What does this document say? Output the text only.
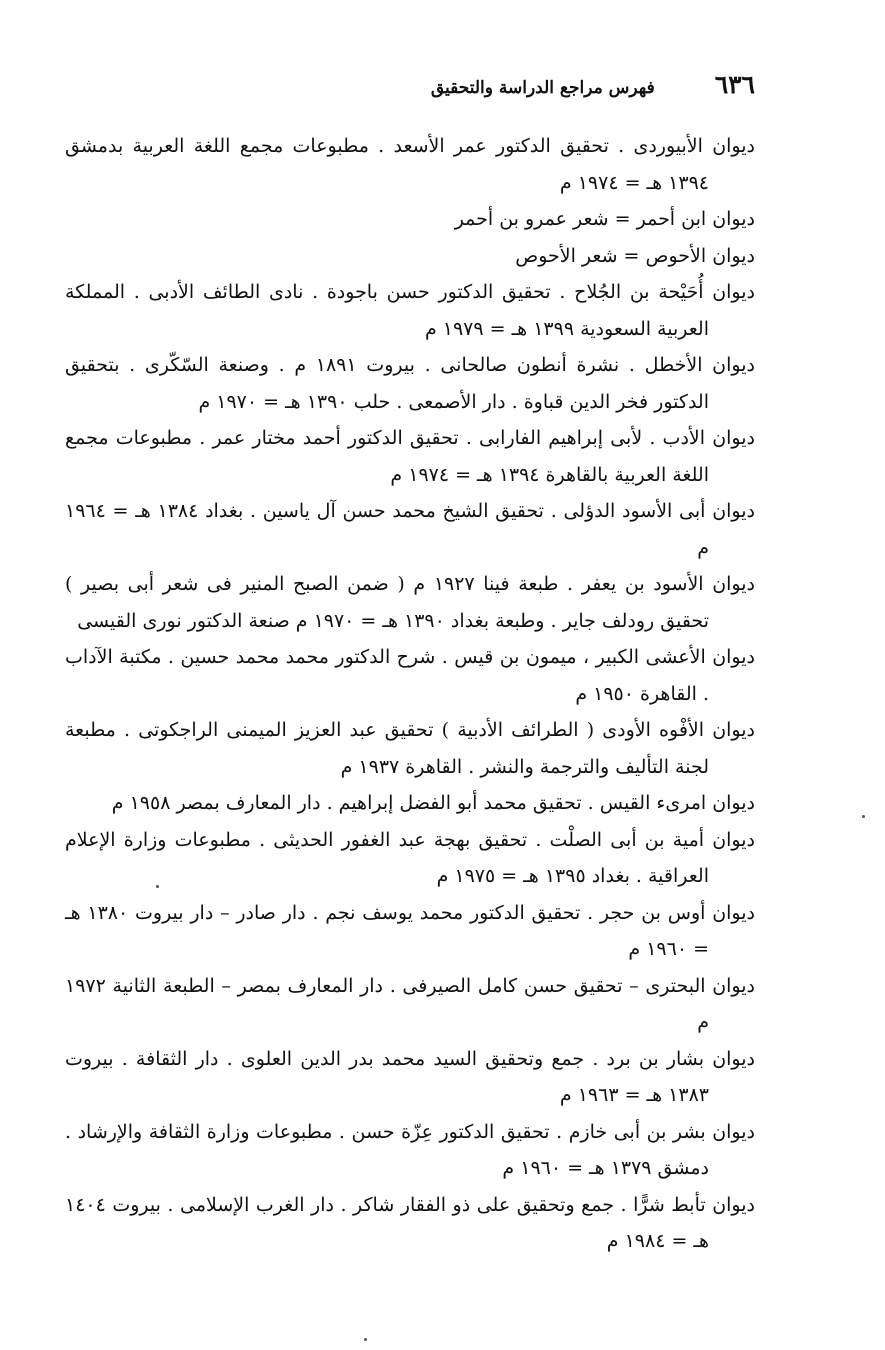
٦٣٦
فهرس مراجع الدراسة والتحقيق

ديوان الأبيوردى . تحقيق الدكتور عمر الأسعد . مطبوعات مجمع اللغة العربية بدمشق ١٣٩٤ هـ = ١٩٧٤ م

ديوان ابن أحمر = شعر عمرو بن أحمر

ديوان الأحوص = شعر الأحوص

ديوان أُحَيْحة بن الجُلاح . تحقيق الدكتور حسن باجودة . نادى الطائف الأدبى . المملكة العربية السعودية ١٣٩٩ هـ = ١٩٧٩ م

ديوان الأخطل . نشرة أنطون صالحانى . بيروت ١٨٩١ م . وصنعة السّكّرى . بتحقيق الدكتور فخر الدين قباوة . دار الأصمعى . حلب ١٣٩٠ هـ = ١٩٧٠ م

ديوان الأدب . لأبى إبراهيم الفارابى . تحقيق الدكتور أحمد مختار عمر . مطبوعات مجمع اللغة العربية بالقاهرة ١٣٩٤ هـ = ١٩٧٤ م

ديوان أبى الأسود الدؤلى . تحقيق الشيخ محمد حسن آل ياسين . بغداد ١٣٨٤ هـ = ١٩٦٤ م

ديوان الأسود بن يعفر . طبعة فينا ١٩٢٧ م ( ضمن الصبح المنير فى شعر أبى بصير ) تحقيق رودلف جاير . وطبعة بغداد ١٣٩٠ هـ = ١٩٧٠ م صنعة الدكتور نورى القيسى

ديوان الأعشى الكبير ، ميمون بن قيس . شرح الدكتور محمد محمد حسين . مكتبة الآداب . القاهرة ١٩٥٠ م

ديوان الأفْوه الأودى ( الطرائف الأدبية ) تحقيق عبد العزيز الميمنى الراجكوتى . مطبعة لجنة التأليف والترجمة والنشر . القاهرة ١٩٣٧ م

ديوان امرىء القيس . تحقيق محمد أبو الفضل إبراهيم . دار المعارف بمصر ١٩٥٨ م

ديوان أمية بن أبى الصلْت . تحقيق بهجة عبد الغفور الحديثى . مطبوعات وزارة الإعلام العراقية . بغداد ١٣٩٥ هـ = ١٩٧٥ م

ديوان أوس بن حجر . تحقيق الدكتور محمد يوسف نجم . دار صادر – دار بيروت ١٣٨٠ هـ = ١٩٦٠ م

ديوان البحترى – تحقيق حسن كامل الصيرفى . دار المعارف بمصر – الطبعة الثانية ١٩٧٢ م

ديوان بشار بن برد . جمع وتحقيق السيد محمد بدر الدين العلوى . دار الثقافة . بيروت ١٣٨٣ هـ = ١٩٦٣ م

ديوان بشر بن أبى خازم . تحقيق الدكتور عِزّة حسن . مطبوعات وزارة الثقافة والإرشاد . دمشق ١٣٧٩ هـ = ١٩٦٠ م

ديوان تأبط شرًّا . جمع وتحقيق على ذو الفقار شاكر . دار الغرب الإسلامى . بيروت ١٤٠٤ هـ = ١٩٨٤ م
